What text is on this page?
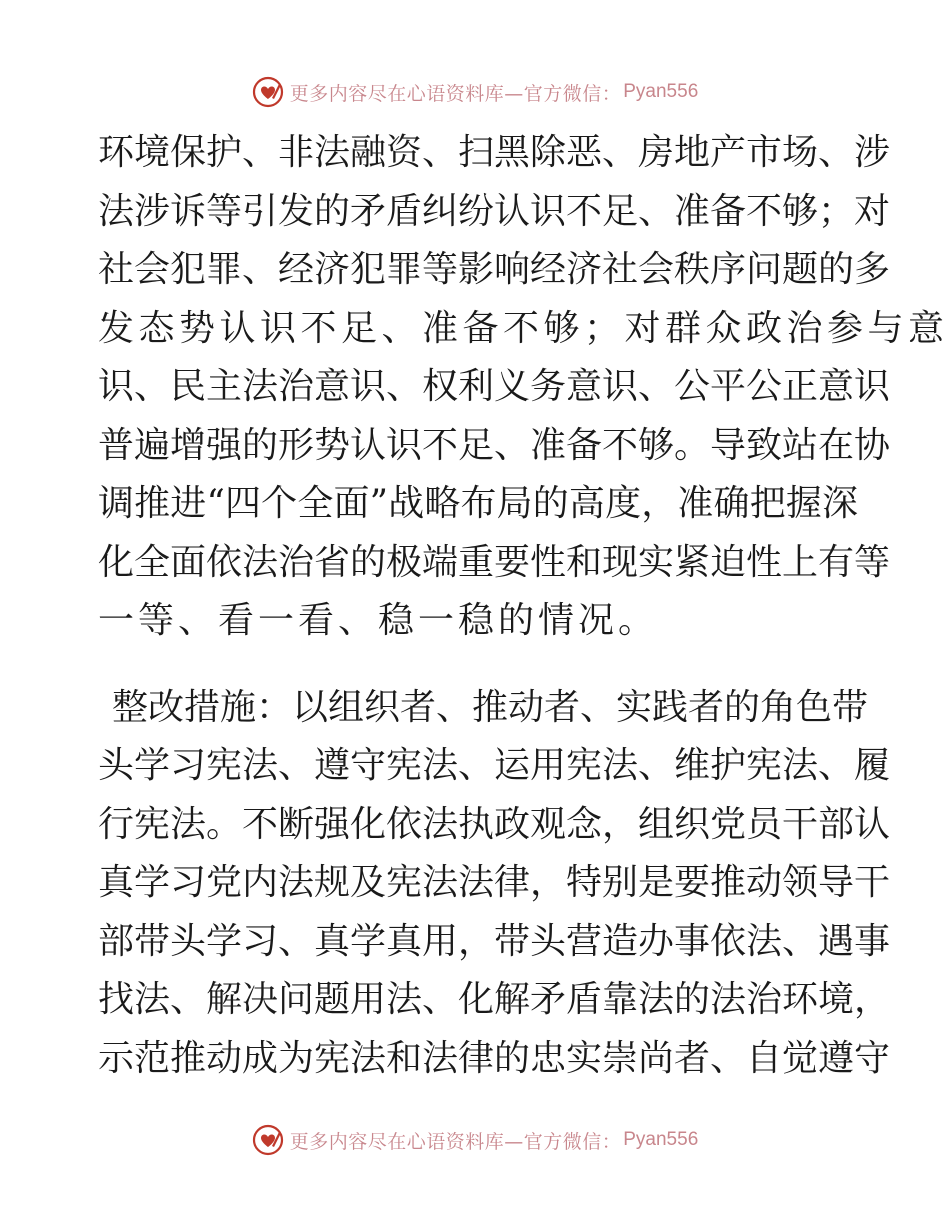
更多内容尽在心语资料库—官方微信： Pyan556
环境保护、非法融资、扫黑除恶、房地产市场、涉
法涉诉等引发的矛盾纠纷认识不足、准备不够；对
社会犯罪、经济犯罪等影响经济社会秩序问题的多
发态势认识不足、准备不够；对群众政治参与意
识、民主法治意识、权利义务意识、公平公正意识
普遍增强的形势认识不足、准备不够。导致站在协
调推进“四个全面”战略布局的高度，准确把握深
化全面依法治省的极端重要性和现实紧迫性上有等
一等、看一看、稳一稳的情况。
整改措施：以组织者、推动者、实践者的角色带
头学习宪法、遵守宪法、运用宪法、维护宪法、履
行宪法。不断强化依法执政观念，组织党员干部认
真学习党内法规及宪法法律，特别是要推动领导干
部带头学习、真学真用，带头营造办事依法、遇事
找法、解决问题用法、化解矛盾靠法的法治环境，
示范推动成为宪法和法律的忠实崇尚者、自觉遵守
更多内容尽在心语资料库—官方微信： Pyan556
